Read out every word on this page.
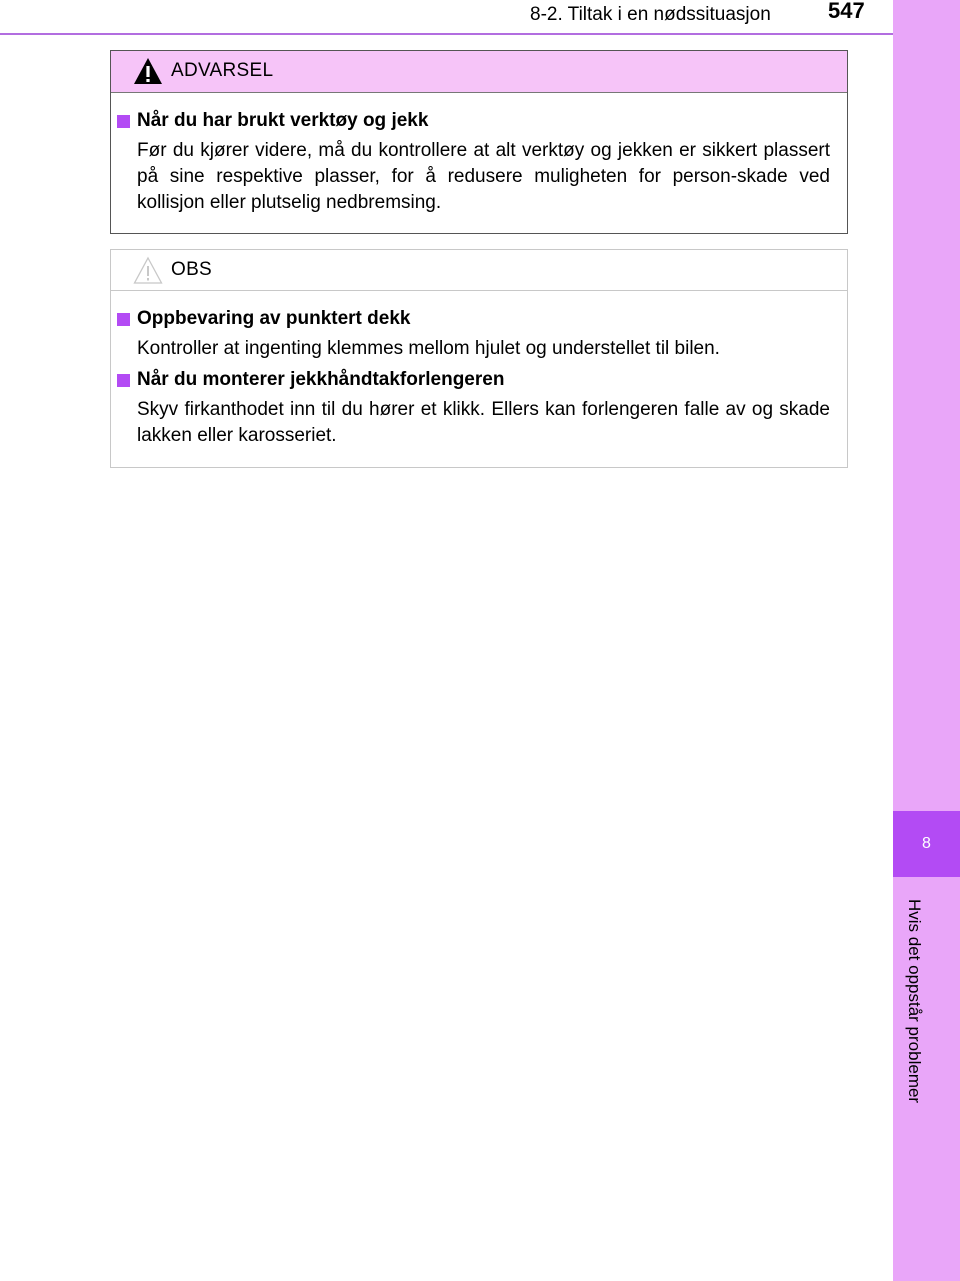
8-2. Tiltak i en nødssituasjon	547
8
Hvis det oppstår problemer
ADVARSEL
Når du har brukt verktøy og jekk
Før du kjører videre, må du kontrollere at alt verktøy og jekken er sikkert plassert på sine respektive plasser, for å redusere muligheten for person-skade ved kollisjon eller plutselig nedbremsing.
OBS
Oppbevaring av punktert dekk
Kontroller at ingenting klemmes mellom hjulet og understellet til bilen.
Når du monterer jekkhåndtakforlengeren
Skyv firkanthodet inn til du hører et klikk. Ellers kan forlengeren falle av og skade lakken eller karosseriet.
